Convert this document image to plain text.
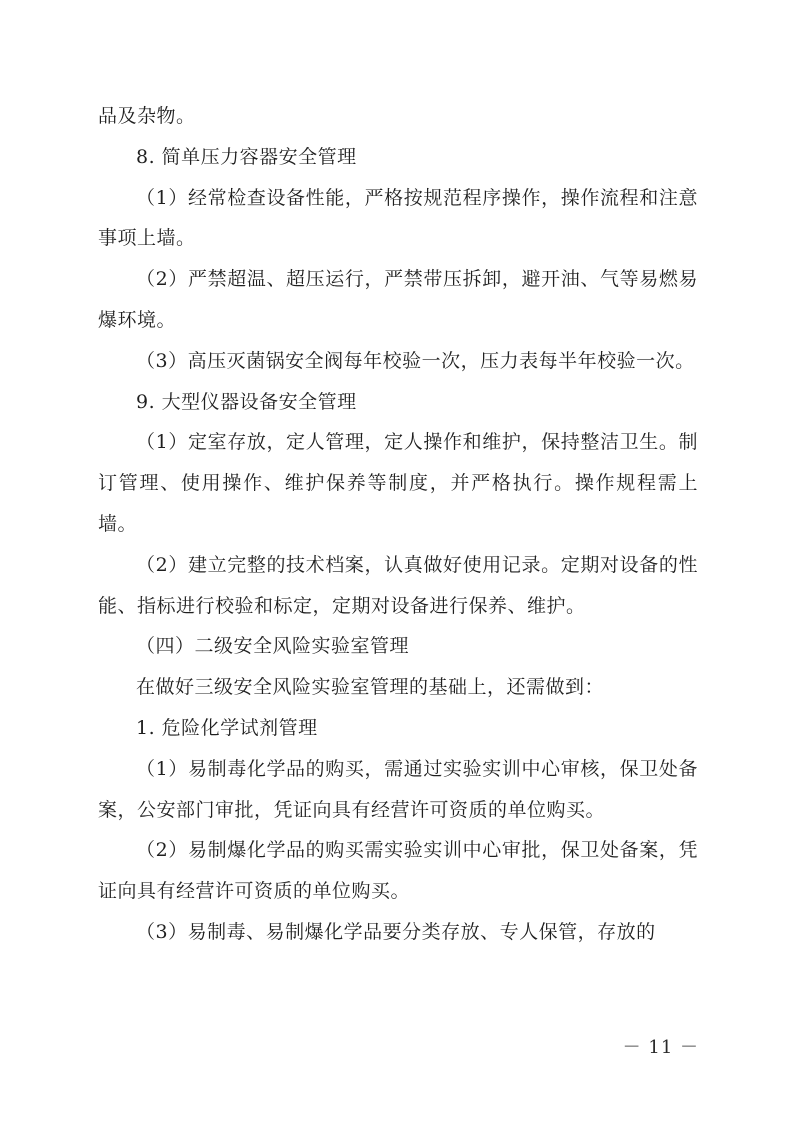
品及杂物。

8. 简单压力容器安全管理

（1）经常检查设备性能，严格按规范程序操作，操作流程和注意事项上墙。

（2）严禁超温、超压运行，严禁带压拆卸，避开油、气等易燃易爆环境。

（3）高压灭菌锅安全阀每年校验一次，压力表每半年校验一次。

9. 大型仪器设备安全管理

（1）定室存放，定人管理，定人操作和维护，保持整洁卫生。制订管理、使用操作、维护保养等制度，并严格执行。操作规程需上墙。

（2）建立完整的技术档案，认真做好使用记录。定期对设备的性能、指标进行校验和标定，定期对设备进行保养、维护。

（四）二级安全风险实验室管理

在做好三级安全风险实验室管理的基础上，还需做到：

1. 危险化学试剂管理

（1）易制毒化学品的购买，需通过实验实训中心审核，保卫处备案，公安部门审批，凭证向具有经营许可资质的单位购买。

（2）易制爆化学品的购买需实验实训中心审批，保卫处备案，凭证向具有经营许可资质的单位购买。

（3）易制毒、易制爆化学品要分类存放、专人保管，存放的

－ 11 －
